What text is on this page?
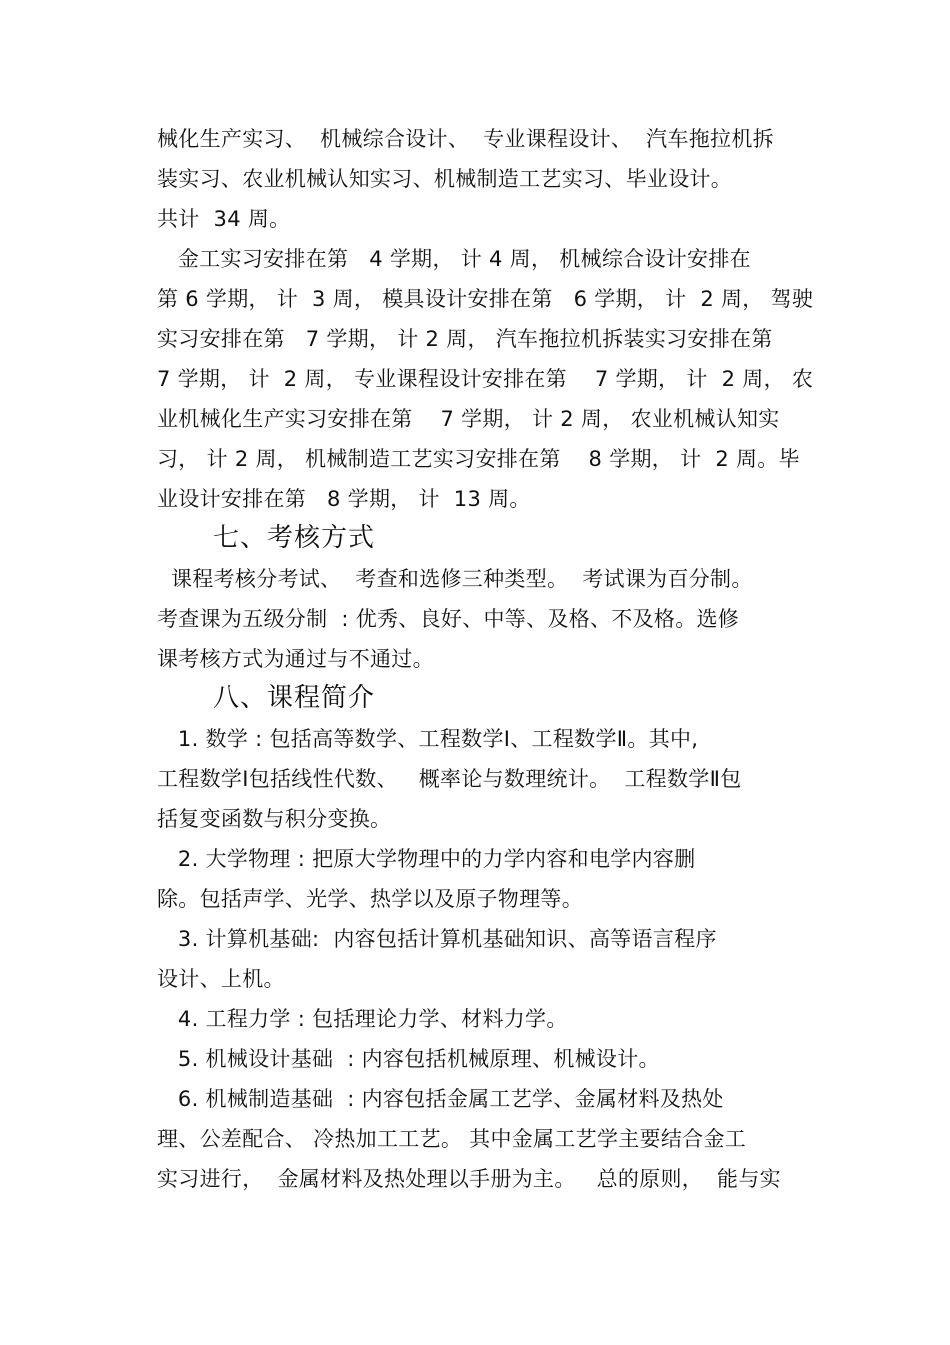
械化生产实习、  机械综合设计、  专业课程设计、  汽车拖拉机拆
装实习、农业机械认知实习、机械制造工艺实习、毕业设计。
共计  34 周。
金工实习安排在第   4 学期， 计 4 周， 机械综合设计安排在
第 6 学期， 计  3 周， 模具设计安排在第   6 学期， 计  2 周， 驾驶
实习安排在第   7 学期， 计 2 周， 汽车拖拉机拆装实习安排在第
7 学期， 计  2 周， 专业课程设计安排在第    7 学期， 计  2 周， 农
业机械化生产实习安排在第    7 学期， 计 2 周， 农业机械认知实
习， 计 2 周， 机械制造工艺实习安排在第    8 学期， 计  2 周。毕
业设计安排在第   8 学期， 计  13 周。
七、考核方式
课程考核分考试、  考查和选修三种类型。  考试课为百分制。
考查课为五级分制  : 优秀、良好、中等、及格、不及格。选修
课考核方式为通过与不通过。
八、课程简介
1. 数学 : 包括高等数学、工程数学Ⅰ、工程数学Ⅱ。其中,
工程数学Ⅰ包括线性代数、   概率论与数理统计。  工程数学Ⅱ包
括复变函数与积分变换。
2. 大学物理 : 把原大学物理中的力学内容和电学内容删
除。包括声学、光学、热学以及原子物理等。
3. 计算机基础:  内容包括计算机基础知识、高等语言程序
设计、上机。
4. 工程力学 : 包括理论力学、材料力学。
5. 机械设计基础  : 内容包括机械原理、机械设计。
6. 机械制造基础  : 内容包括金属工艺学、金属材料及热处
理、公差配合、 冷热加工工艺。 其中金属工艺学主要结合金工
实习进行，  金属材料及热处理以手册为主。   总的原则，  能与实
